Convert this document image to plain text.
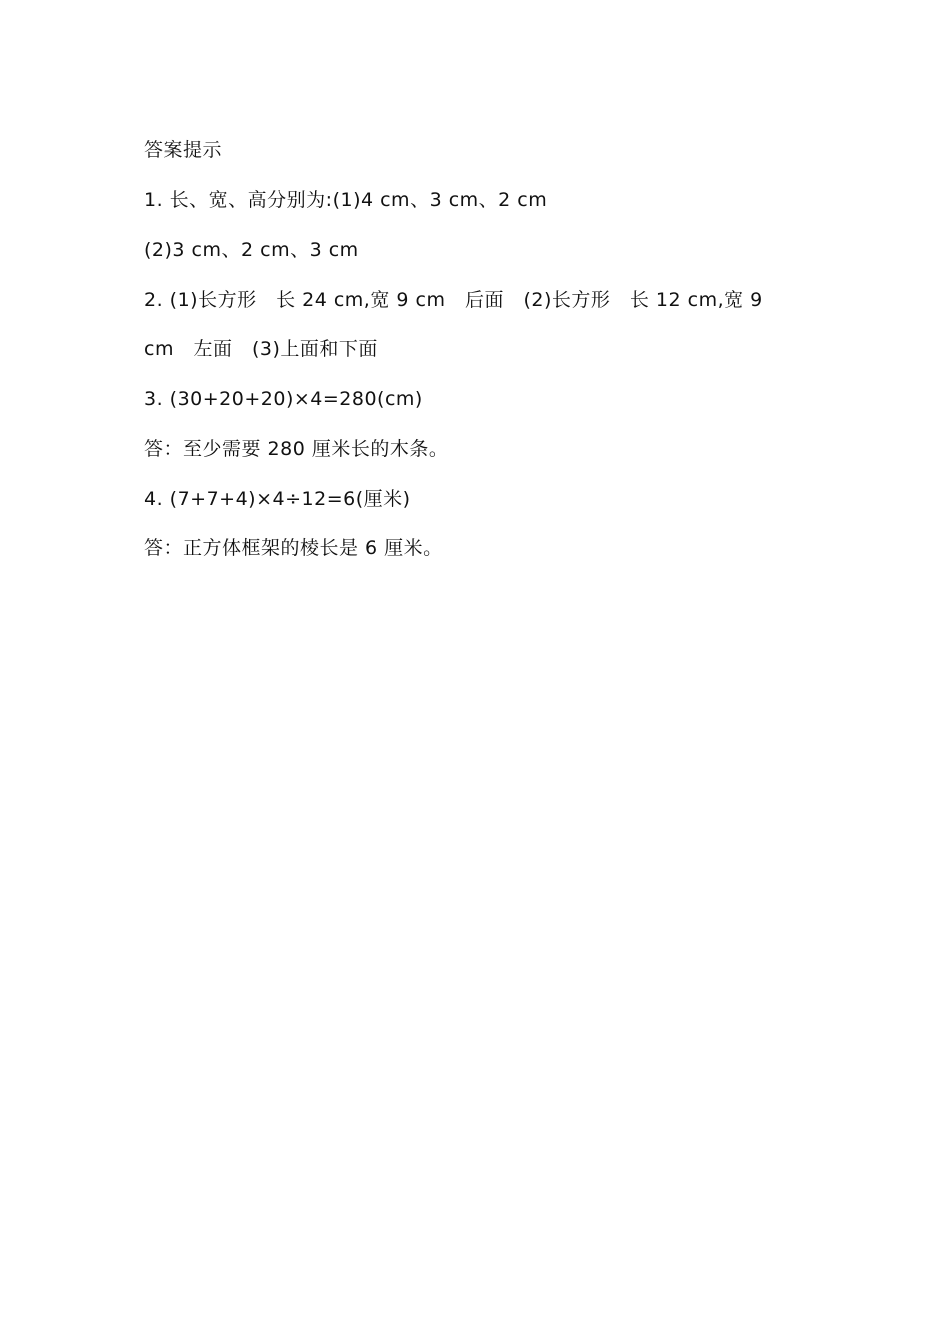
答案提示
1. 长、宽、高分别为:(1)4 cm、3 cm、2 cm
(2)3 cm、2 cm、3 cm
2. (1)长方形　长 24 cm,宽 9 cm　后面　(2)长方形　长 12 cm,宽 9
cm　左面　(3)上面和下面
3. (30+20+20)×4=280(cm)
答：至少需要 280 厘米长的木条。
4. (7+7+4)×4÷12=6(厘米)
答：正方体框架的棱长是 6 厘米。
